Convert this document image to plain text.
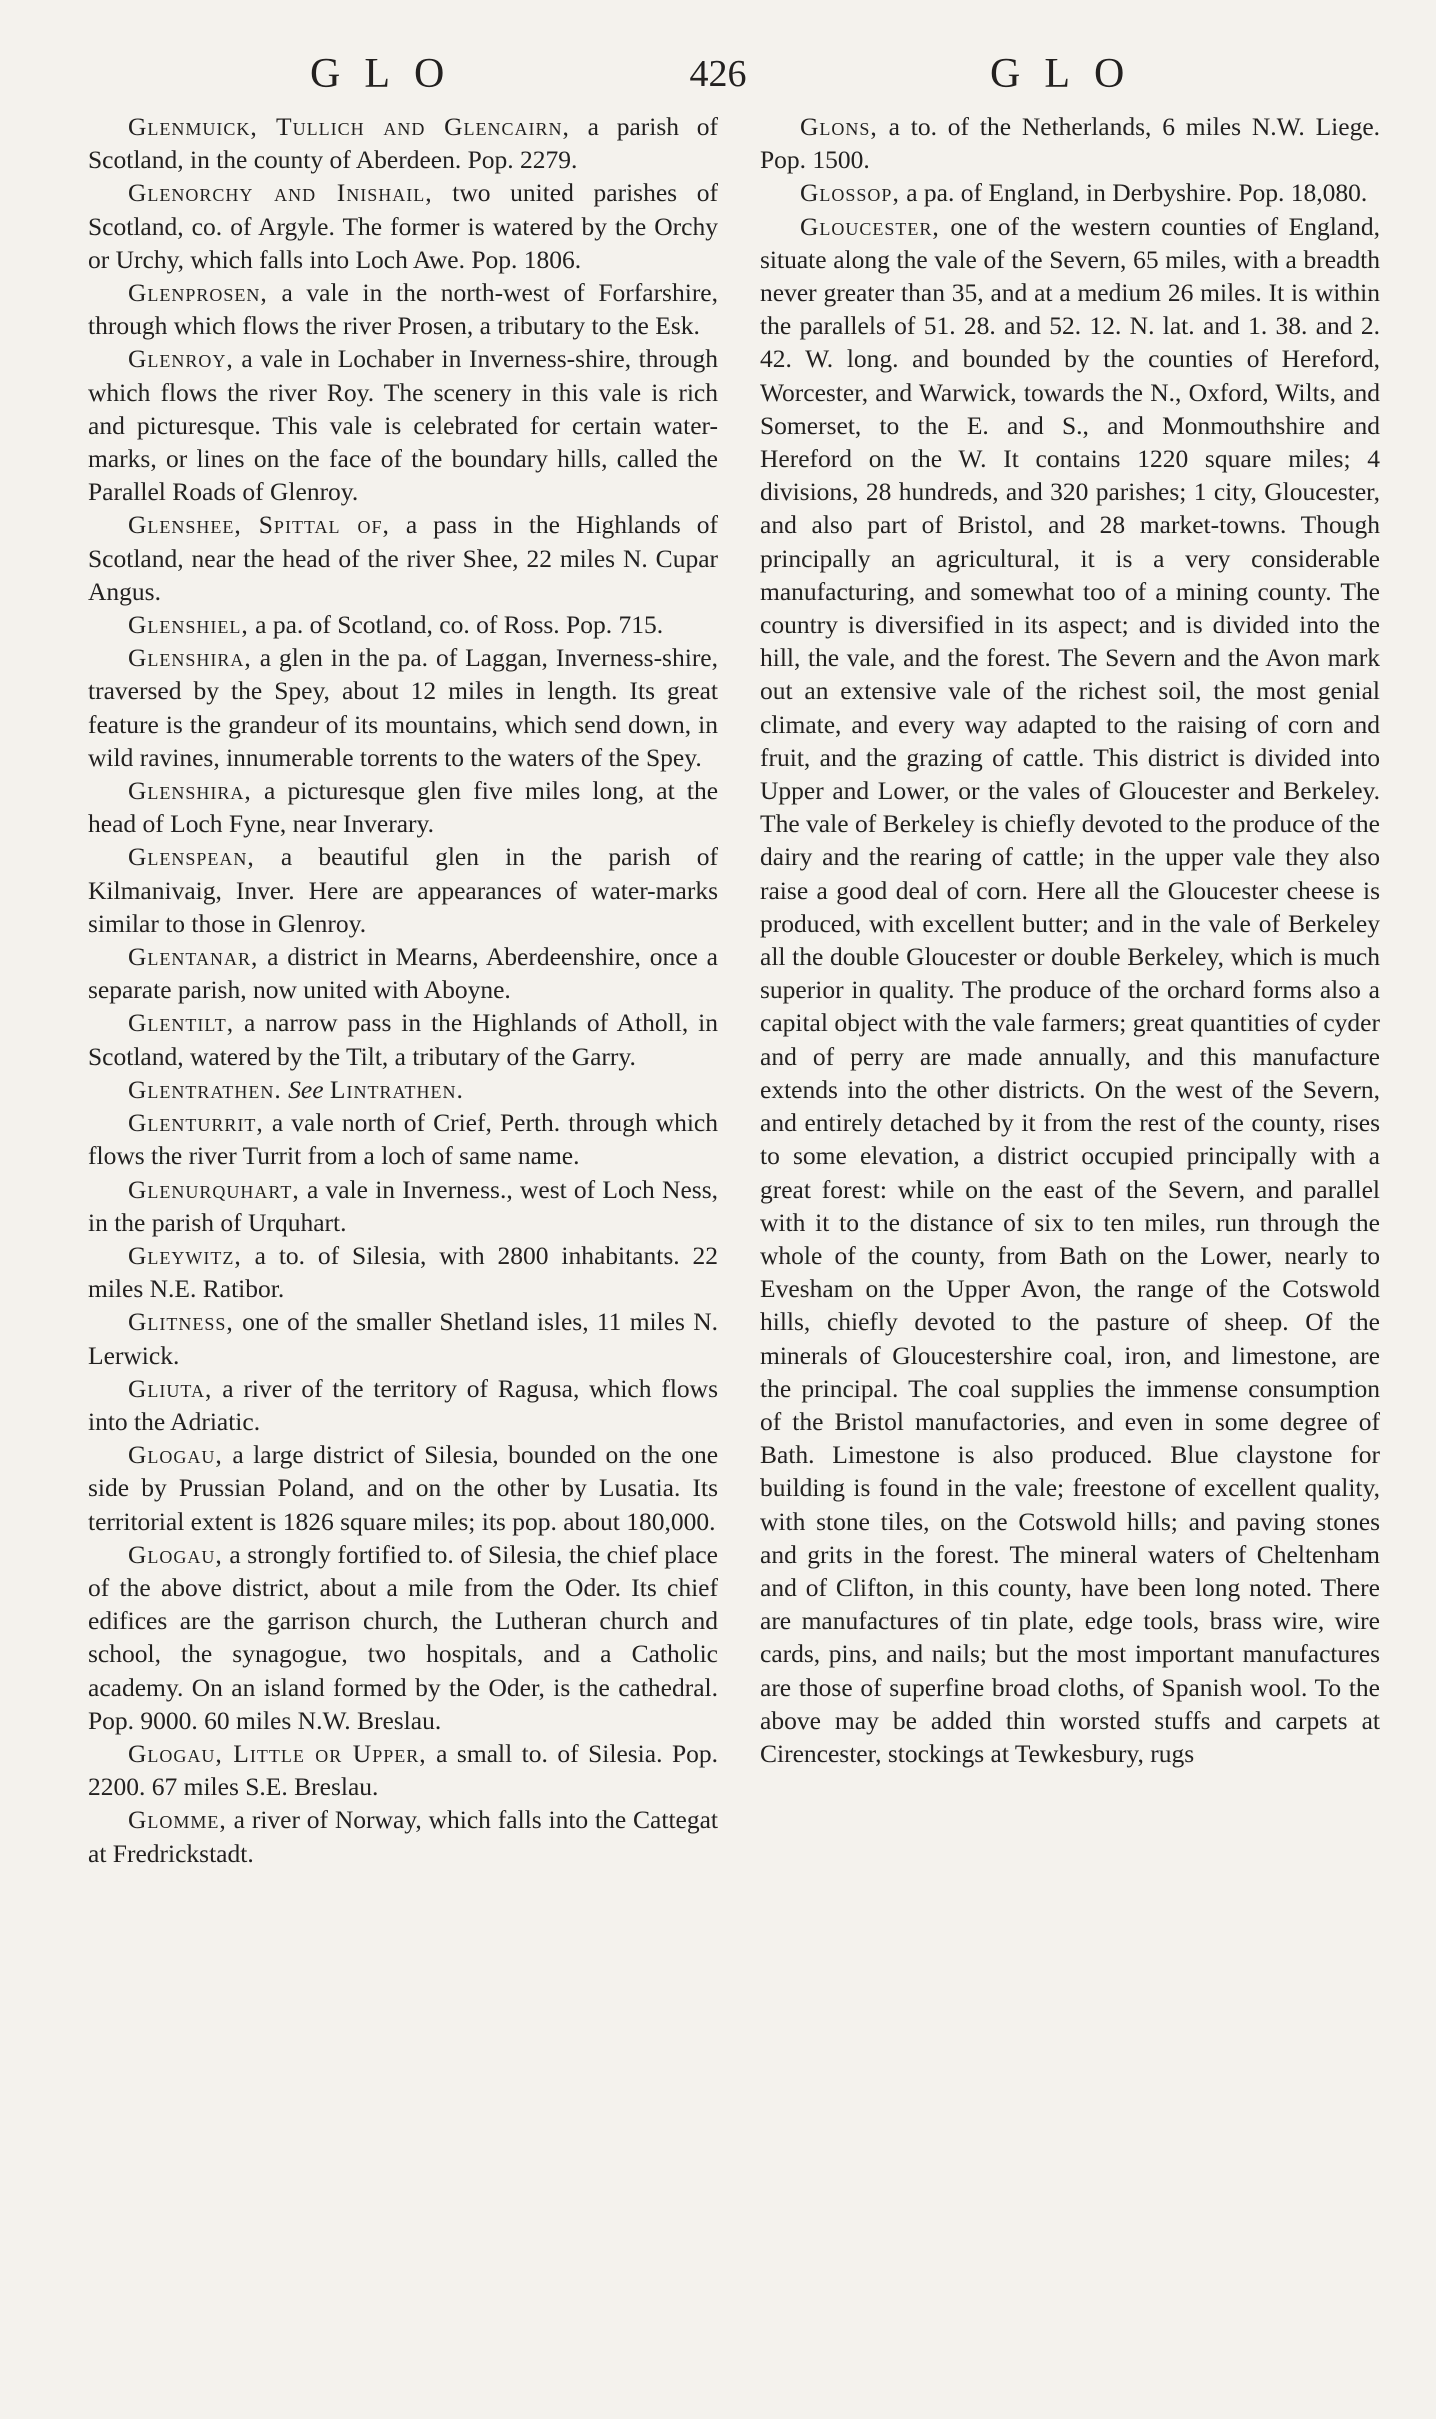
GLO	426	GLO

Glenmuick, Tullich and Glencairn, a parish of Scotland, in the county of Aberdeen. Pop. 2279.

Glenorchy and Inishail, two united parishes of Scotland, co. of Argyle. The former is watered by the Orchy or Urchy, which falls into Loch Awe. Pop. 1806.

Glenprosen, a vale in the north-west of Forfarshire, through which flows the river Prosen, a tributary to the Esk.

Glenroy, a vale in Lochaber in Inverness-shire, through which flows the river Roy. The scenery in this vale is rich and picturesque. This vale is celebrated for certain water-marks, or lines on the face of the boundary hills, called the Parallel Roads of Glenroy.

Glenshee, Spittal of, a pass in the Highlands of Scotland, near the head of the river Shee, 22 miles N. Cupar Angus.

Glenshiel, a pa. of Scotland, co. of Ross. Pop. 715.

Glenshira, a glen in the pa. of Laggan, Inverness-shire, traversed by the Spey, about 12 miles in length. Its great feature is the grandeur of its mountains, which send down, in wild ravines, innumerable torrents to the waters of the Spey.

Glenshira, a picturesque glen five miles long, at the head of Loch Fyne, near Inverary.

Glenspean, a beautiful glen in the parish of Kilmanivaig, Inver. Here are appearances of water-marks similar to those in Glenroy.

Glentanar, a district in Mearns, Aberdeenshire, once a separate parish, now united with Aboyne.

Glentilt, a narrow pass in the Highlands of Atholl, in Scotland, watered by the Tilt, a tributary of the Garry.

Glentrathen. See Lintrathen.

Glenturrit, a vale north of Crief, Perth. through which flows the river Turrit from a loch of same name.

Glenurquhart, a vale in Inverness., west of Loch Ness, in the parish of Urquhart.

Gleywitz, a to. of Silesia, with 2800 inhabitants. 22 miles N.E. Ratibor.

Glitness, one of the smaller Shetland isles, 11 miles N. Lerwick.

Gliuta, a river of the territory of Ragusa, which flows into the Adriatic.

Glogau, a large district of Silesia, bounded on the one side by Prussian Poland, and on the other by Lusatia. Its territorial extent is 1826 square miles; its pop. about 180,000.

Glogau, a strongly fortified to. of Silesia, the chief place of the above district, about a mile from the Oder. Its chief edifices are the garrison church, the Lutheran church and school, the synagogue, two hospitals, and a Catholic academy. On an island formed by the Oder, is the cathedral. Pop. 9000. 60 miles N.W. Breslau.

Glogau, Little or Upper, a small to. of Silesia. Pop. 2200. 67 miles S.E. Breslau.

Glomme, a river of Norway, which falls into the Cattegat at Fredrickstadt.

Glons, a to. of the Netherlands, 6 miles N.W. Liege. Pop. 1500.

Glossop, a pa. of England, in Derbyshire. Pop. 18,080.

Gloucester, one of the western counties of England, situate along the vale of the Severn, 65 miles, with a breadth never greater than 35, and at a medium 26 miles. It is within the parallels of 51. 28. and 52. 12. N. lat. and 1. 38. and 2. 42. W. long. and bounded by the counties of Hereford, Worcester, and Warwick, towards the N., Oxford, Wilts, and Somerset, to the E. and S., and Monmouthshire and Hereford on the W. It contains 1220 square miles; 4 divisions, 28 hundreds, and 320 parishes; 1 city, Gloucester, and also part of Bristol, and 28 market-towns. Though principally an agricultural, it is a very considerable manufacturing, and somewhat too of a mining county. The country is diversified in its aspect; and is divided into the hill, the vale, and the forest. The Severn and the Avon mark out an extensive vale of the richest soil, the most genial climate, and every way adapted to the raising of corn and fruit, and the grazing of cattle. This district is divided into Upper and Lower, or the vales of Gloucester and Berkeley. The vale of Berkeley is chiefly devoted to the produce of the dairy and the rearing of cattle; in the upper vale they also raise a good deal of corn. Here all the Gloucester cheese is produced, with excellent butter; and in the vale of Berkeley all the double Gloucester or double Berkeley, which is much superior in quality. The produce of the orchard forms also a capital object with the vale farmers; great quantities of cyder and of perry are made annually, and this manufacture extends into the other districts. On the west of the Severn, and entirely detached by it from the rest of the county, rises to some elevation, a district occupied principally with a great forest: while on the east of the Severn, and parallel with it to the distance of six to ten miles, run through the whole of the county, from Bath on the Lower, nearly to Evesham on the Upper Avon, the range of the Cotswold hills, chiefly devoted to the pasture of sheep. Of the minerals of Gloucestershire coal, iron, and limestone, are the principal. The coal supplies the immense consumption of the Bristol manufactories, and even in some degree of Bath. Limestone is also produced. Blue claystone for building is found in the vale; freestone of excellent quality, with stone tiles, on the Cotswold hills; and paving stones and grits in the forest. The mineral waters of Cheltenham and of Clifton, in this county, have been long noted. There are manufactures of tin plate, edge tools, brass wire, wire cards, pins, and nails; but the most important manufactures are those of superfine broad cloths, of Spanish wool. To the above may be added thin worsted stuffs and carpets at Cirencester, stockings at Tewkesbury, rugs
